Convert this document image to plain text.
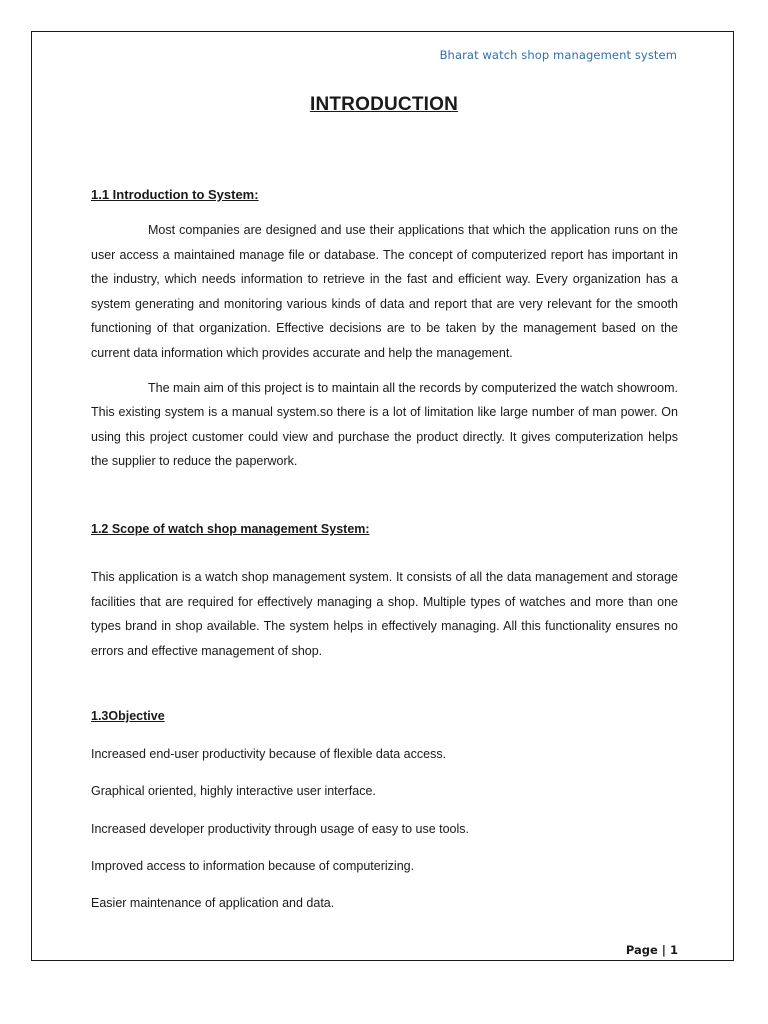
Bharat watch shop management system
INTRODUCTION

1.1 Introduction to System:

Most companies are designed and use their applications that which the application runs on the user access a maintained manage file or database. The concept of computerized report has important in the industry, which needs information to retrieve in the fast and efficient way. Every organization has a system generating and monitoring various kinds of data and report that are very relevant for the smooth functioning of that organization. Effective decisions are to be taken by the management based on the current data information which provides accurate and help the management.

The main aim of this project is to maintain all the records by computerized the watch showroom. This existing system is a manual system.so there is a lot of limitation like large number of man power. On using this project customer could view and purchase the product directly. It gives computerization helps the supplier to reduce the paperwork.

1.2 Scope of watch shop management System:

This application is a watch shop management system. It consists of all the data management and storage facilities that are required for effectively managing a shop. Multiple types of watches and more than one types brand in shop available. The system helps in effectively managing. All this functionality ensures no errors and effective management of shop.

1.3Objective

Increased end-user productivity because of flexible data access.

Graphical oriented, highly interactive user interface.

Increased developer productivity through usage of easy to use tools.

Improved access to information because of computerizing.

Easier maintenance of application and data.

Page | 1
